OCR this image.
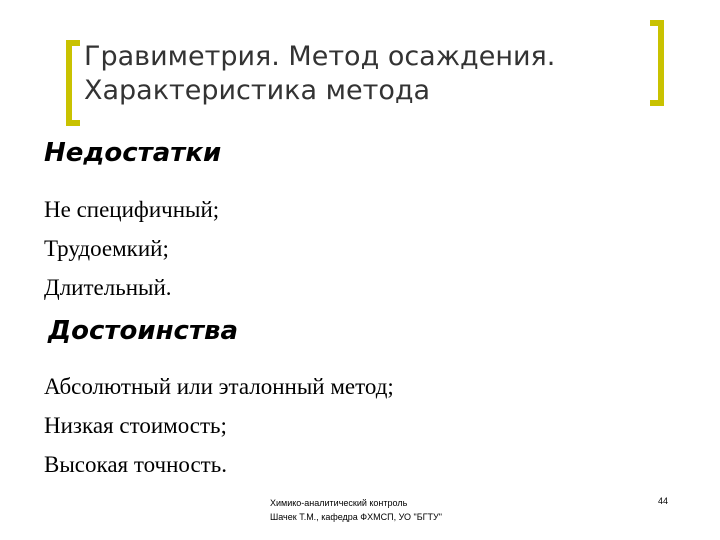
Гравиметрия. Метод осаждения.
Характеристика метода
Недостатки
Не специфичный;
Трудоемкий;
Длительный.
Достоинства
Абсолютный или эталонный метод;
Низкая стоимость;
Высокая точность.
Химико-аналитический контроль
Шачек Т.М., кафедра ФХМСП, УО "БГТУ"
44
